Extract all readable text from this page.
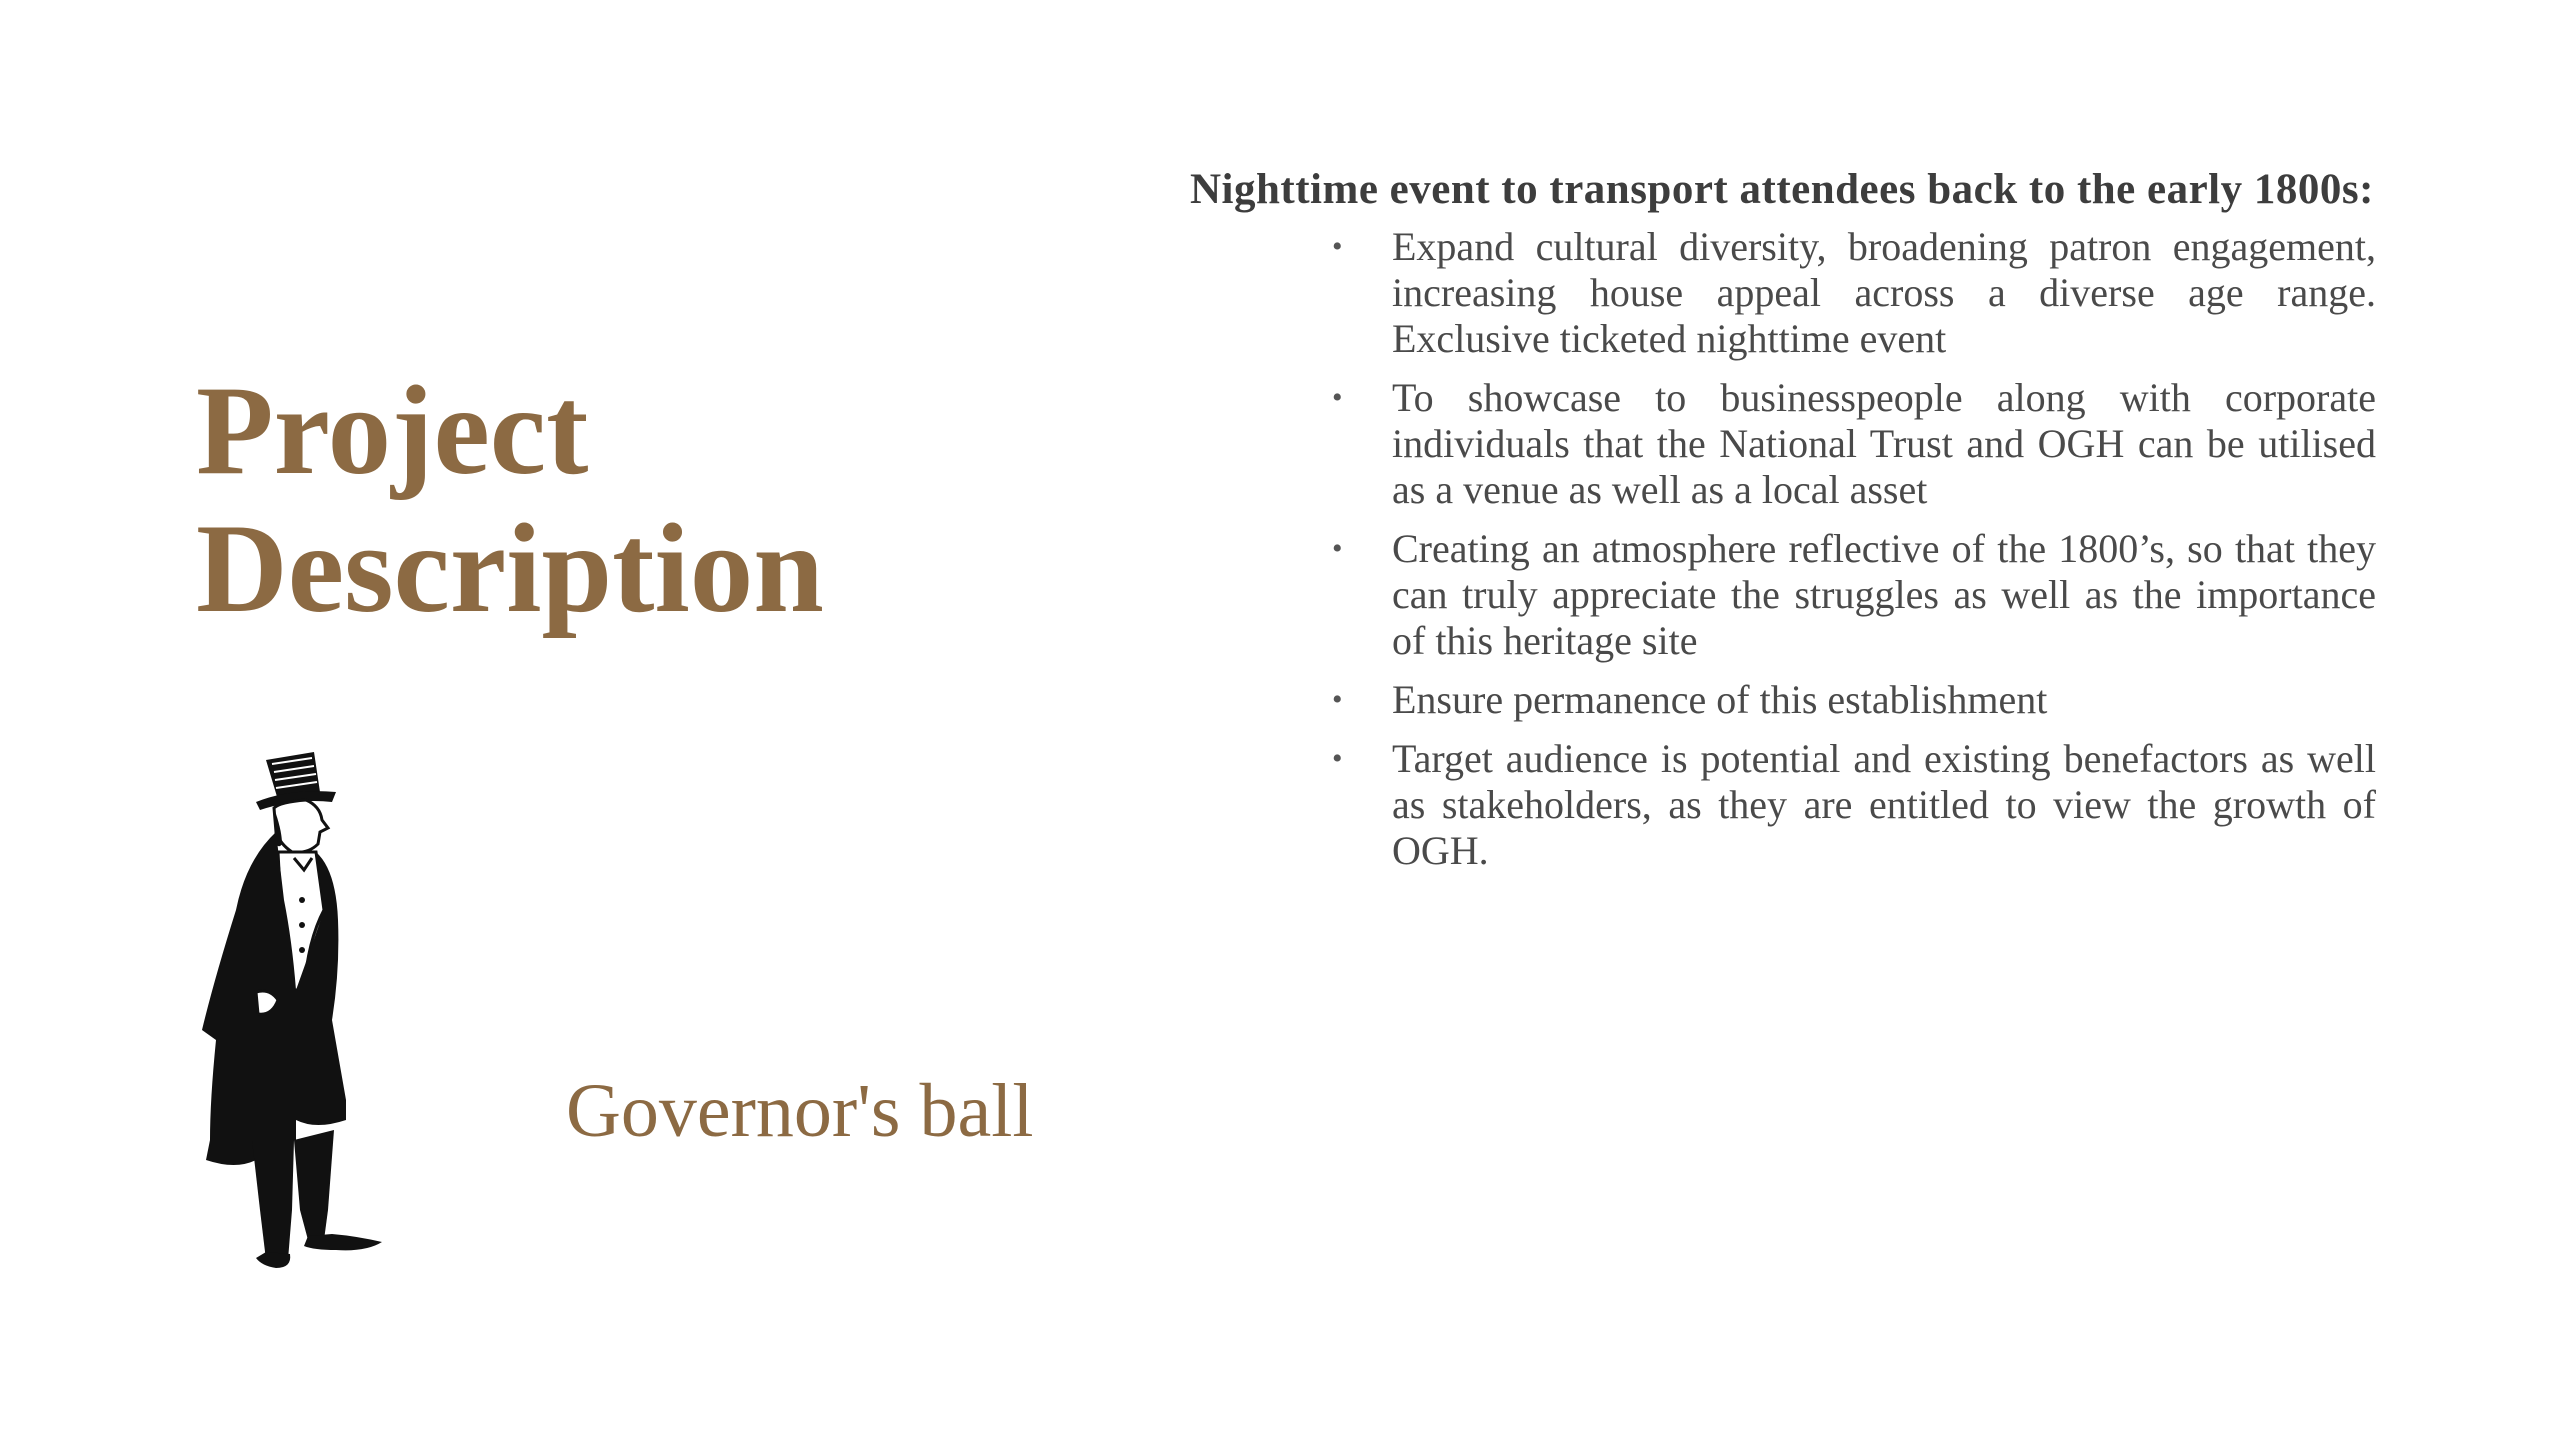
Project
Description
Governor's ball

Nighttime event to transport attendees back to the early 1800s:

• Expand cultural diversity, broadening patron engagement, increasing house appeal across a diverse age range. Exclusive ticketed nighttime event
• To showcase to businesspeople along with corporate individuals that the National Trust and OGH can be utilised as a venue as well as a local asset
• Creating an atmosphere reflective of the 1800’s, so that they can truly appreciate the struggles as well as the importance of this heritage site
• Ensure permanence of this establishment
• Target audience is potential and existing benefactors as well as stakeholders, as they are entitled to view the growth of OGH.
